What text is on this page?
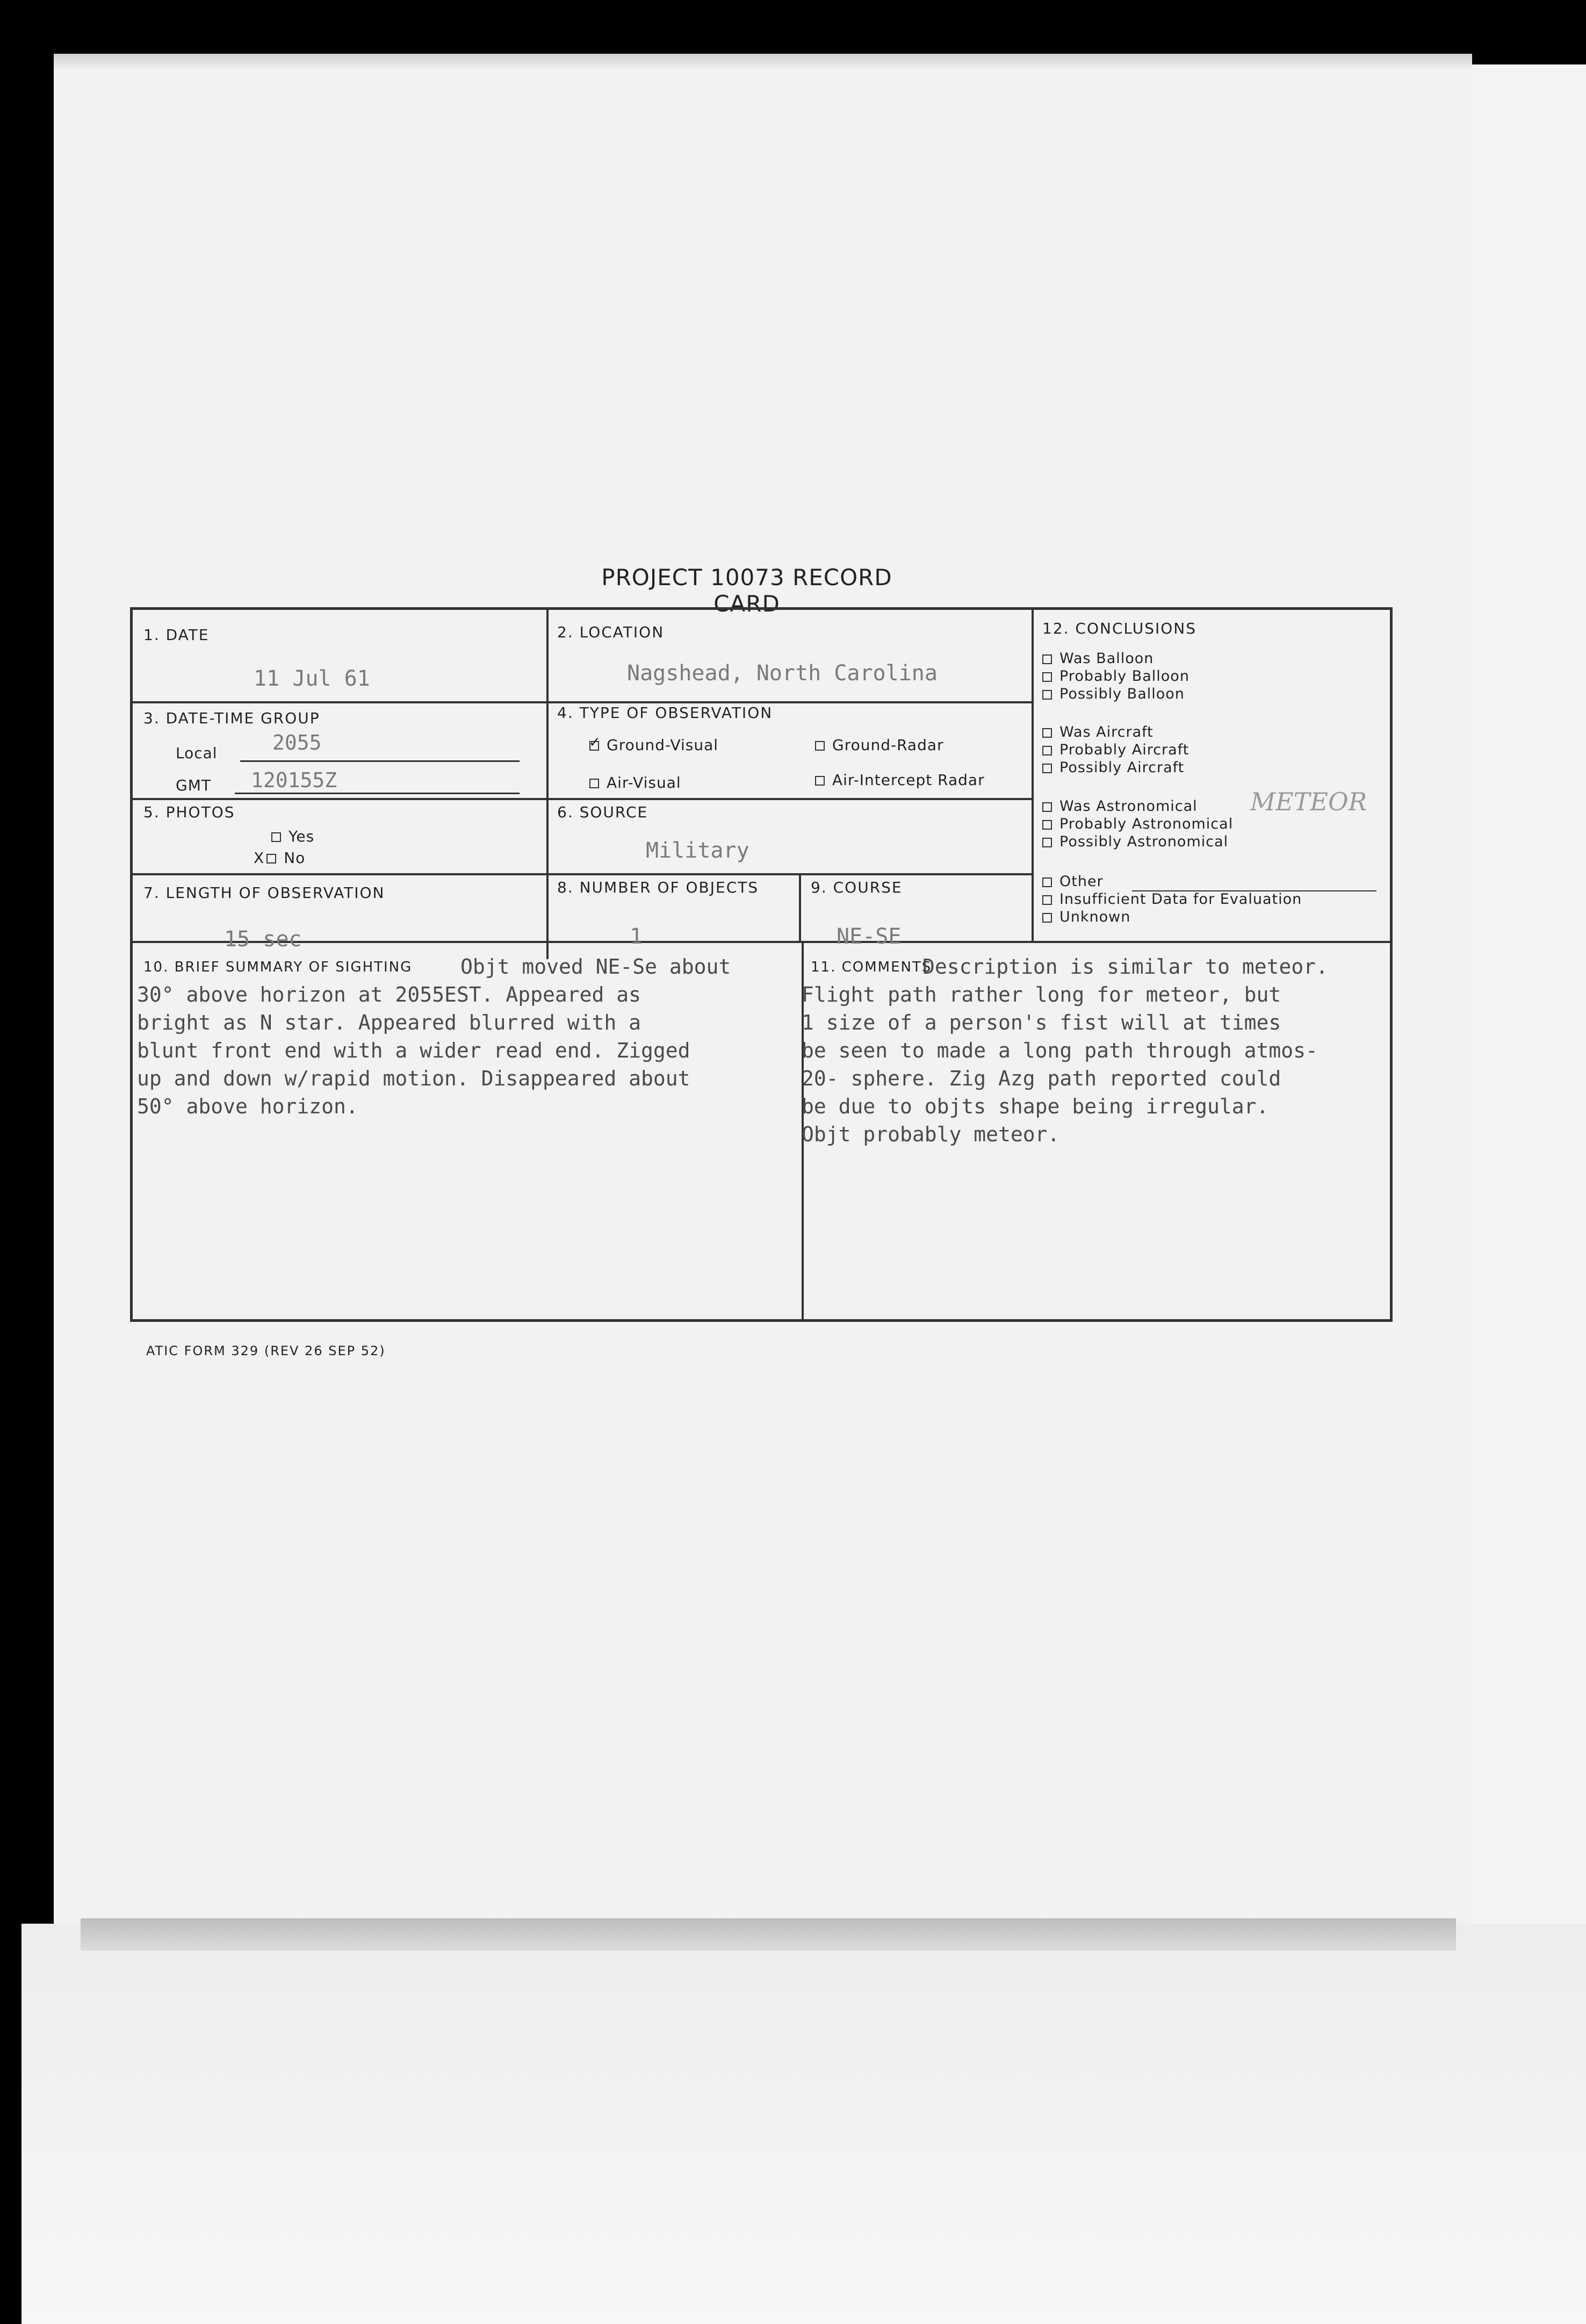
PROJECT 10073 RECORD CARD
1. DATE
11 Jul 61
2. LOCATION
Nagshead, North Carolina
3. DATE-TIME GROUP
Local	2055
GMT 120155Z
4. TYPE OF OBSERVATION
✓Ground-Visual	Ground-Radar
Air-Visual	Air-Intercept Radar
5. PHOTOS
Yes
X No
6. SOURCE
Military
7. LENGTH OF OBSERVATION
15 sec
8. NUMBER OF OBJECTS
1
9. COURSE
NE-SE
12. CONCLUSIONS
Was Balloon
Probably Balloon
Possibly Balloon
Was Aircraft
Probably Aircraft
Possibly Aircraft
Was Astronomical METEOR
Probably Astronomical
Possibly Astronomical
Other
Insufficient Data for Evaluation
Unknown
10. BRIEF SUMMARY OF SIGHTING Objt moved NE-Se about
30° above horizon at 2055EST. Appeared as
bright as N star. Appeared blurred with a
blunt front end with a wider read end. Zigged
up and down w/rapid motion. Disappeared about
50° above horizon.
11. COMMENTS
Description is similar to meteor.
Flight path rather long for meteor, but
1 size of a person's fist will at times
be seen to made a long path through atmos-
20- sphere. Zig Azg path reported could
be due to objts shape being irregular.
Objt probably meteor.
ATIC FORM 329 (REV 26 SEP 52)
